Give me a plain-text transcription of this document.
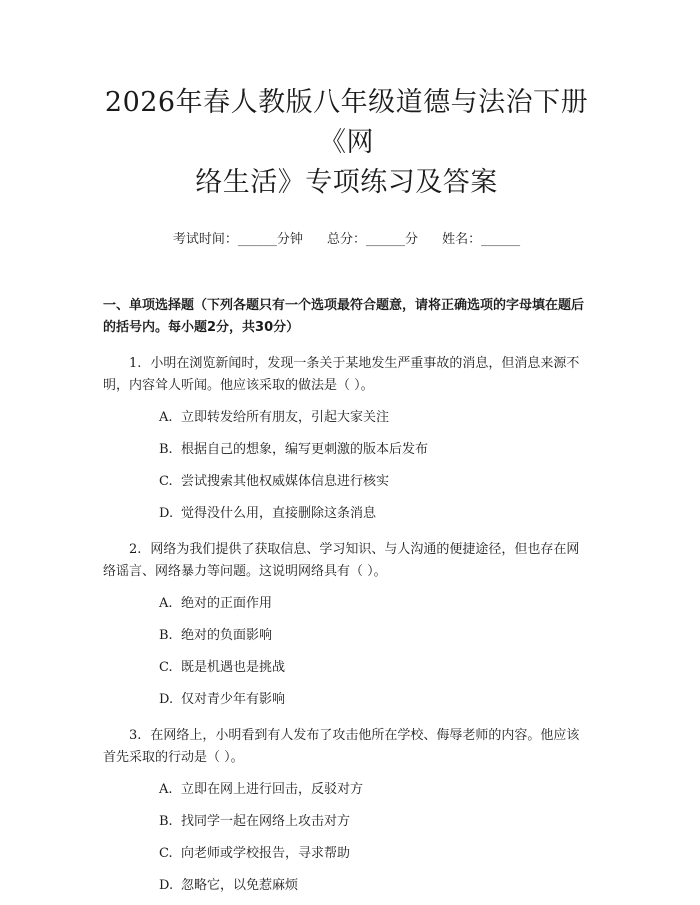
2026年春人教版八年级道德与法治下册《网
络生活》专项练习及答案
考试时间：______分钟 总分：______分 姓名：______
一、单项选择题（下列各题只有一个选项最符合题意，请将正确选项的字母填在题后的括号内。每小题2分，共30分）
1. 小明在浏览新闻时，发现一条关于某地发生严重事故的消息，但消息来源不明，内容耸人听闻。他应该采取的做法是（ ）。
A. 立即转发给所有朋友，引起大家关注
B. 根据自己的想象，编写更刺激的版本后发布
C. 尝试搜索其他权威媒体信息进行核实
D. 觉得没什么用，直接删除这条消息
2. 网络为我们提供了获取信息、学习知识、与人沟通的便捷途径，但也存在网络谣言、网络暴力等问题。这说明网络具有（ ）。
A. 绝对的正面作用
B. 绝对的负面影响
C. 既是机遇也是挑战
D. 仅对青少年有影响
3. 在网络上，小明看到有人发布了攻击他所在学校、侮辱老师的内容。他应该首先采取的行动是（ ）。
A. 立即在网上进行回击，反驳对方
B. 找同学一起在网络上攻击对方
C. 向老师或学校报告，寻求帮助
D. 忽略它，以免惹麻烦
